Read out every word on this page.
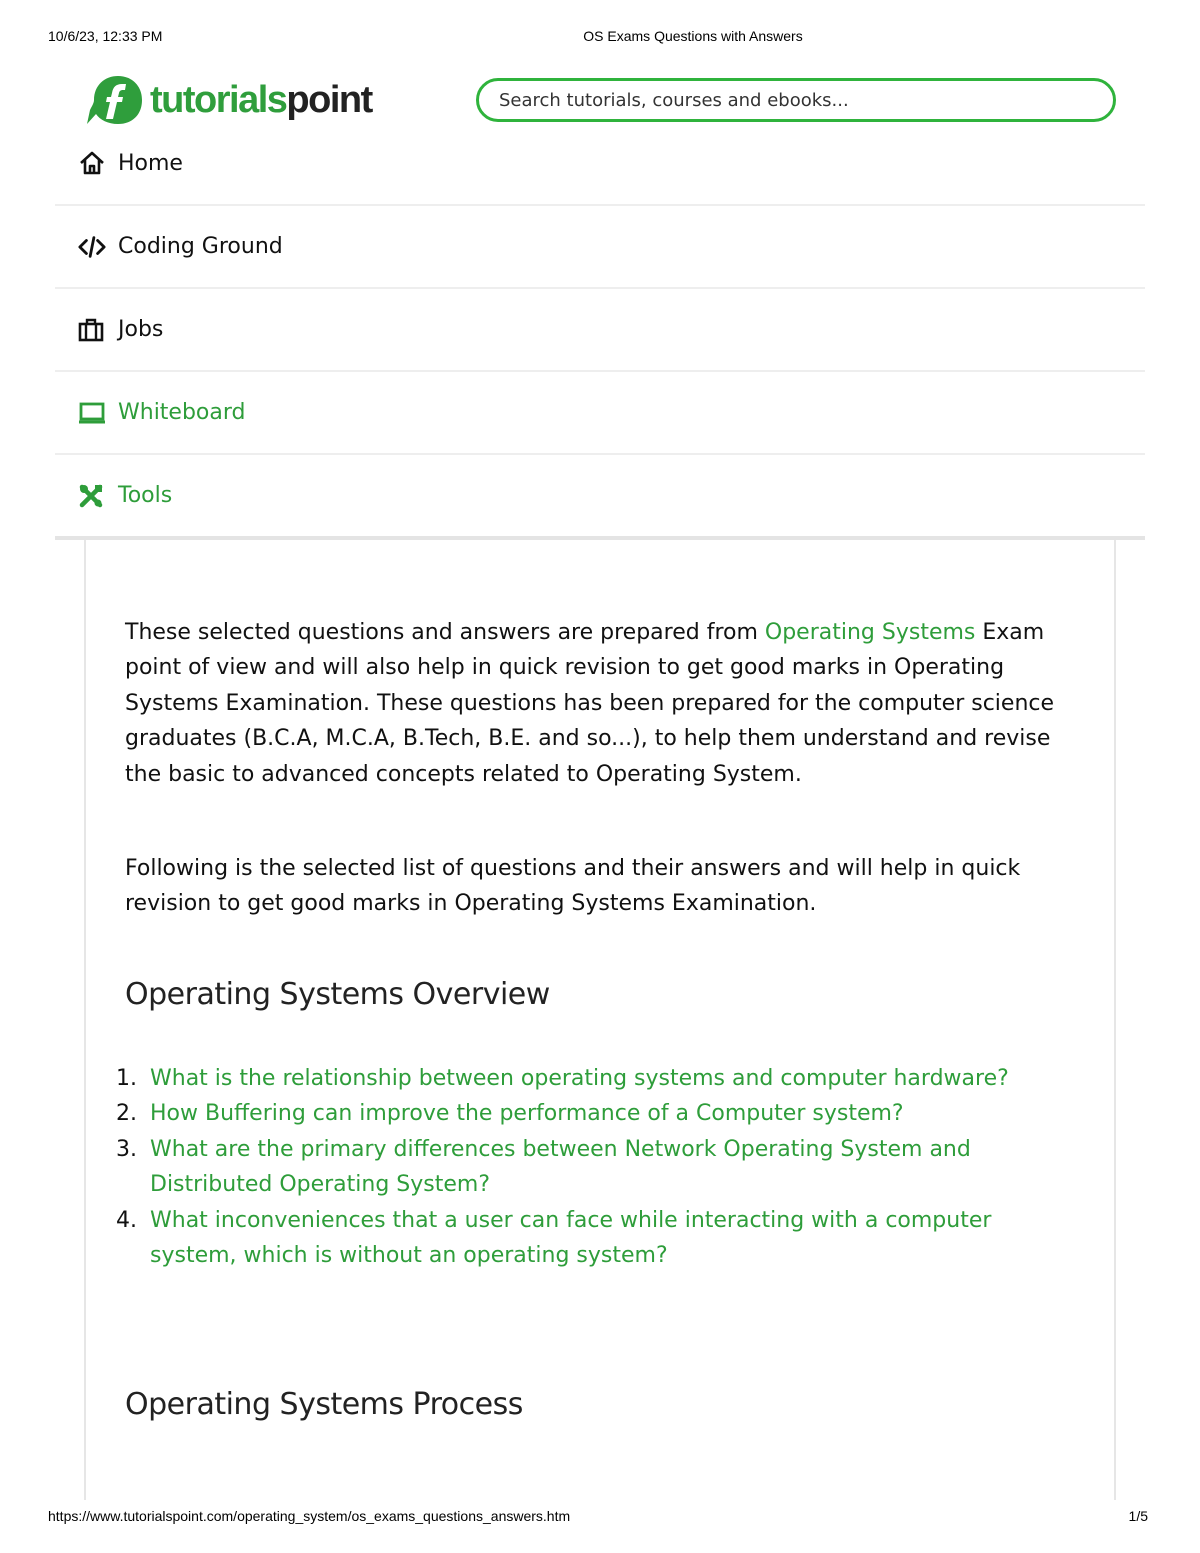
10/6/23, 12:33 PM	OS Exams Questions with Answers
tutorialspoint
Search tutorials, courses and ebooks...
Home
Coding Ground
Jobs
Whiteboard
Tools

These selected questions and answers are prepared from Operating Systems Exam point of view and will also help in quick revision to get good marks in Operating Systems Examination. These questions has been prepared for the computer science graduates (B.C.A, M.C.A, B.Tech, B.E. and so...), to help them understand and revise the basic to advanced concepts related to Operating System.

Following is the selected list of questions and their answers and will help in quick revision to get good marks in Operating Systems Examination.

Operating Systems Overview
1. What is the relationship between operating systems and computer hardware?
2. How Buffering can improve the performance of a Computer system?
3. What are the primary differences between Network Operating System and Distributed Operating System?
4. What inconveniences that a user can face while interacting with a computer system, which is without an operating system?
Operating Systems Process
https://www.tutorialspoint.com/operating_system/os_exams_questions_answers.htm	1/5
